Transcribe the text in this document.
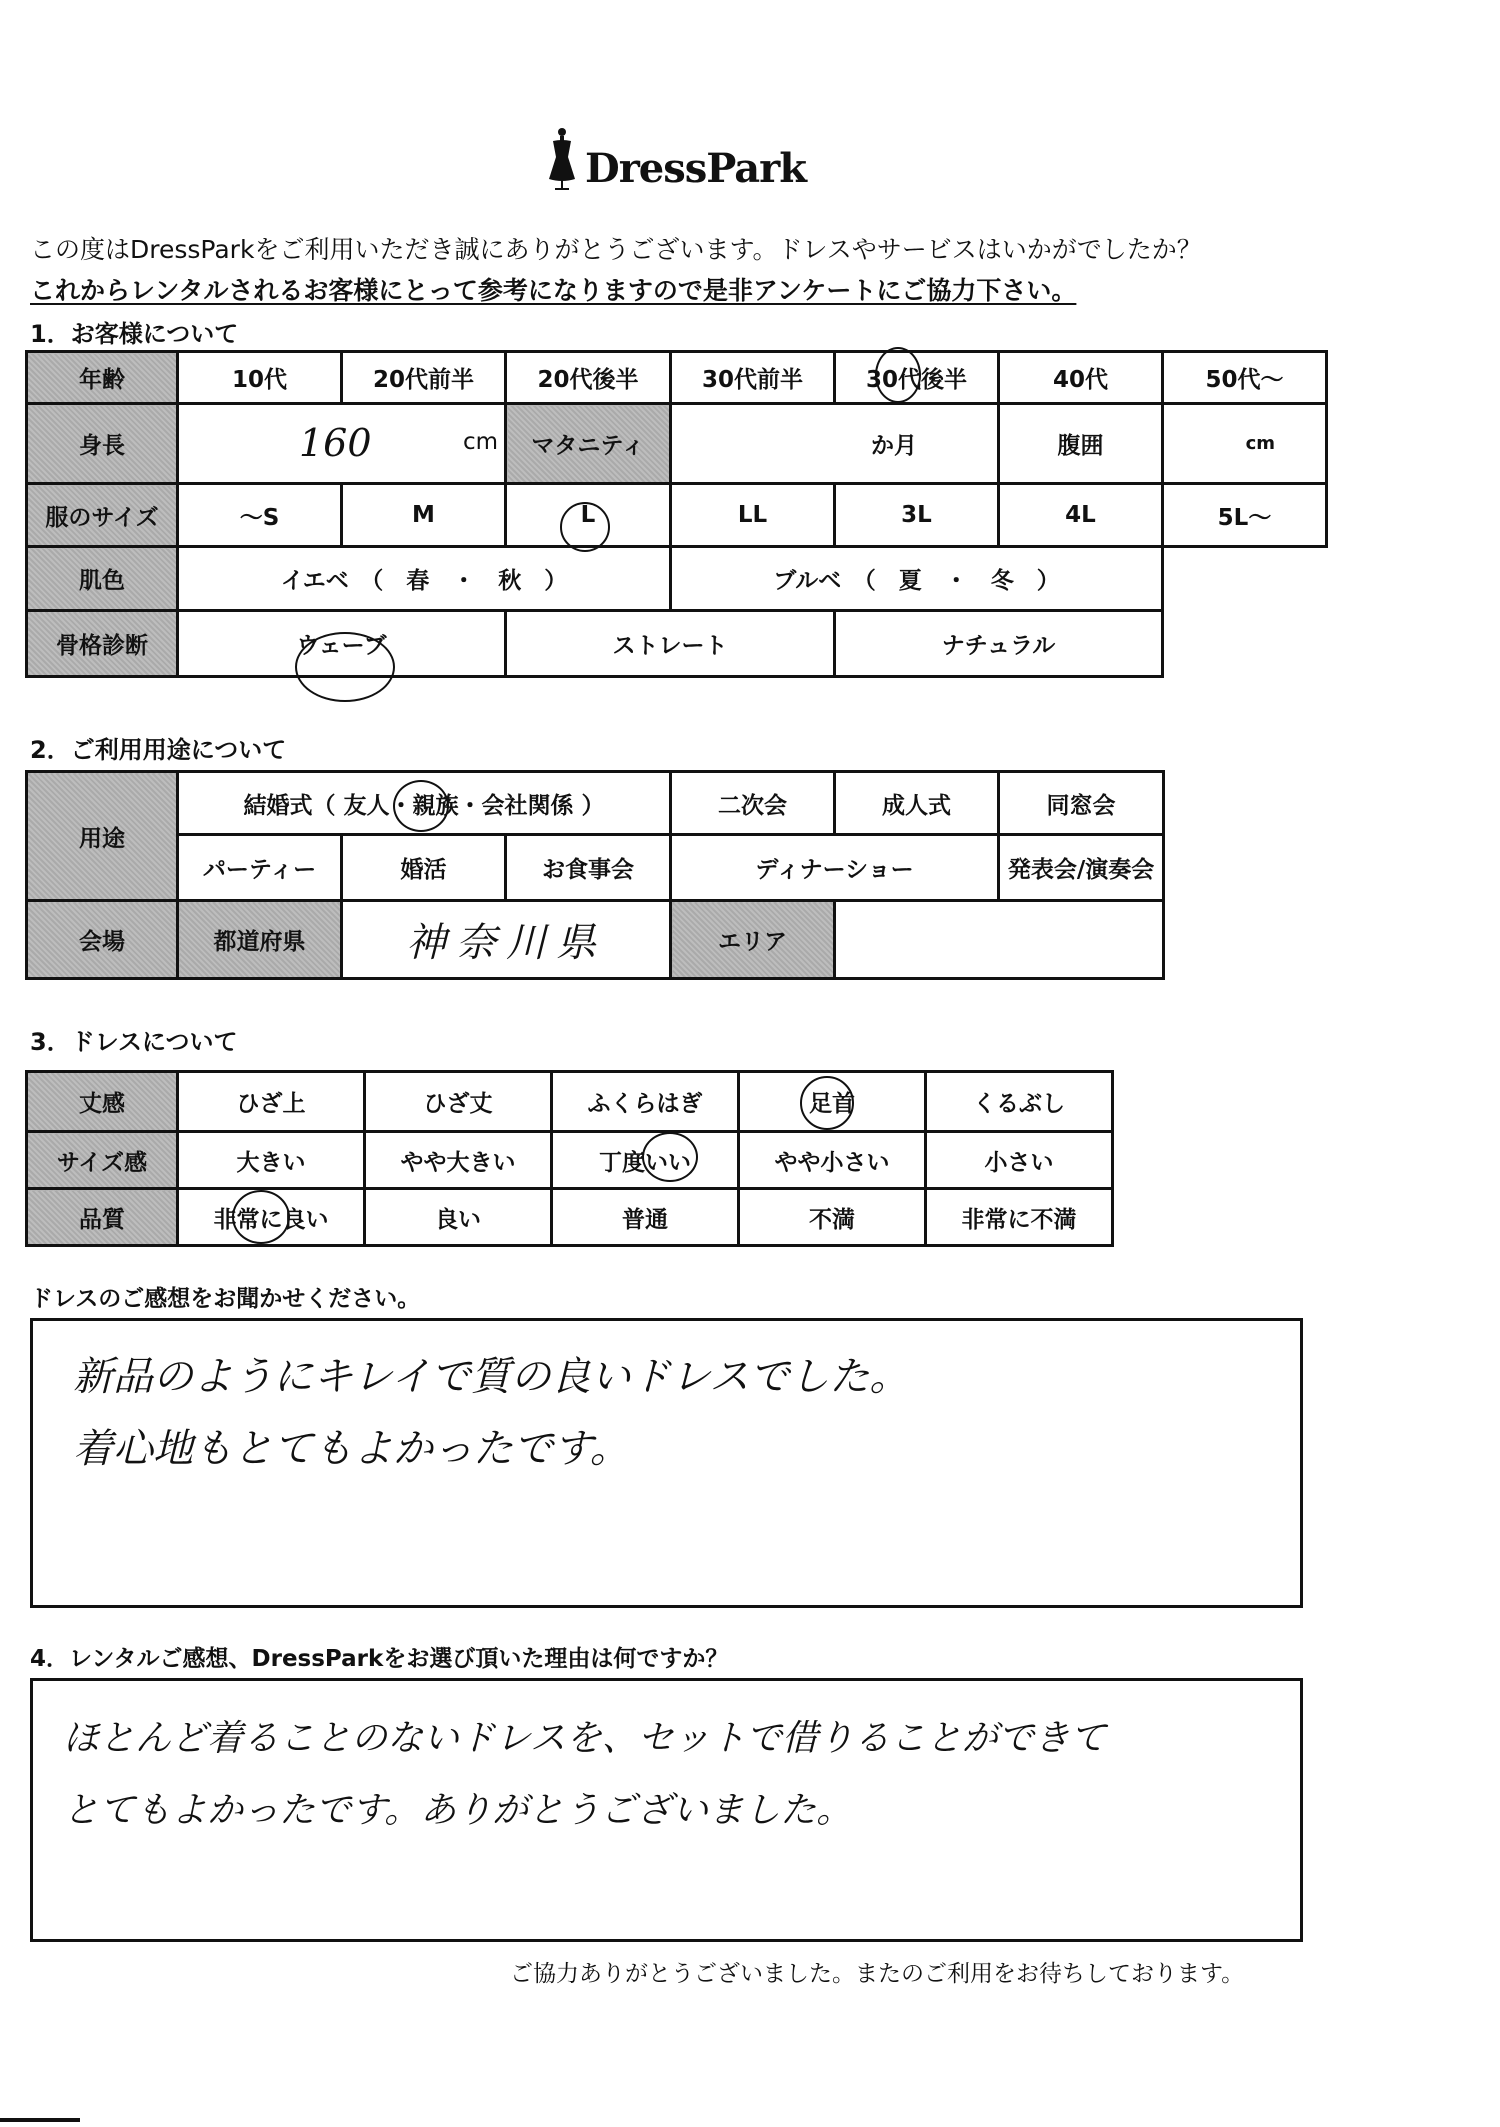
DressPark
この度はDressParkをご利用いただき誠にありがとうございます。ドレスやサービスはいかがでしたか？
これからレンタルされるお客様にとって参考になりますので是非アンケートにご協力下さい。
1．お客様について
年齢	10代	20代前半	20代後半	30代前半	30代後半	40代	50代～
身長	160 cm		マタニティ	か月		腹囲	cm
服のサイズ	～S	M	L	LL	3L	4L	5L～
肌色	イエベ　（　春　・　秋　）			ブルベ　（　夏　・　冬　）			
骨格診断	ウェーブ		ストレート		ナチュラル		
2．ご利用用途について
用途	結婚式（ 友人・親族・会社関係 ）			二次会	成人式	同窓会	
	パーティー	婚活	お食事会	ディナーショー		発表会/演奏会	
会場	都道府県	神奈川県		エリア			
3．ドレスについて
丈感	ひざ上	ひざ丈	ふくらはぎ	足首	くるぶし
サイズ感	大きい	やや大きい	丁度いい	やや小さい	小さい
品質	非常に良い	良い	普通	不満	非常に不満
ドレスのご感想をお聞かせください。
新品のようにキレイで質の良いドレスでした。
着心地もとてもよかったです。
4．レンタルご感想、DressParkをお選び頂いた理由は何ですか？
ほとんど着ることのないドレスを、セットで借りることができて
とてもよかったです。ありがとうございました。
ご協力ありがとうございました。またのご利用をお待ちしております。
